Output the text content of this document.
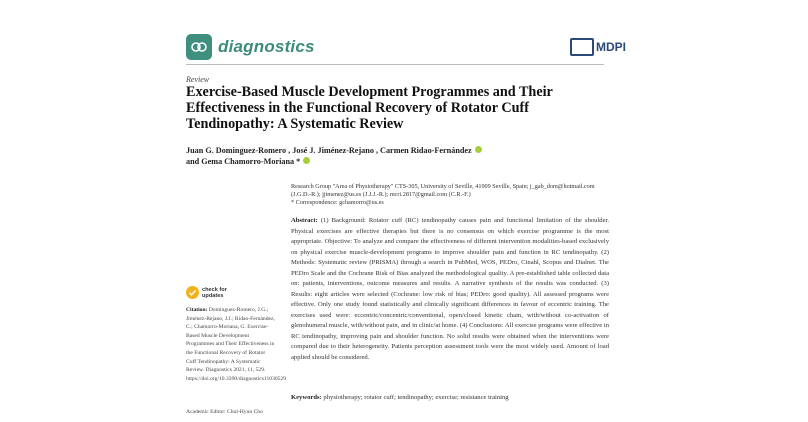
diagnostics	MDPI
Review
Exercise-Based Muscle Development Programmes and Their Effectiveness in the Functional Recovery of Rotator Cuff Tendinopathy: A Systematic Review
Juan G. Dominguez-Romero , José J. Jiménez-Rejano , Carmen Ridao-Fernández
and Gema Chamorro-Moriana *
Research Group "Area of Physiotherapy" CTS-305, University of Seville, 41009 Seville, Spain; j_gab_dom@hotmail.com (J.G.D.-R.); jjimenez@us.es (J.J.J.-R.); mcri.2817@gmail.com (C.R.-F.)
* Correspondence: gchamorro@us.es
Abstract: (1) Background: Rotator cuff (RC) tendinopathy causes pain and functional limitation of the shoulder. Physical exercises are effective therapies but there is no consensus on which exercise programme is the most appropriate. Objective: To analyze and compare the effectiveness of different intervention modalities-based exclusively on physical exercise muscle-development programs to improve shoulder pain and function in RC tendinopathy. (2) Methods: Systematic review (PRISMA) through a search in PubMed, WOS, PEDro, Cinahl, Scopus and Dialnet. The PEDro Scale and the Cochrane Risk of Bias analyzed the methodological quality. A pre-established table collected data on: patients, interventions, outcome measures and results. A narrative synthesis of the results was conducted. (3) Results: eight articles were selected (Cochrane: low risk of bias; PEDro: good quality). All assessed programs were effective. Only one study found statistically and clinically significant differences in favour of eccentric training. The exercises used were: eccentric/concentric/conventional, open/closed kinetic chain, with/without co-activation of glenohumeral muscle, with/without pain, and in clinic/at home. (4) Conclusions: All exercise programs were effective in RC tendinopathy, improving pain and shoulder function. No solid results were obtained when the interventions were compared due to their heterogeneity. Patients perception assessment tools were the most widely used. Amount of load applied should be considered.
Keywords: physiotherapy; rotator cuff; tendinopathy; exercise; resistance training
check for
updates
Citation: Dominguez-Romero, J.G.; Jiménez-Rejano, J.J.; Ridao-Fernández, C.; Chamorro-Moriana, G. Exercise-Based Muscle Development Programmes and Their Effectiveness in the Functional Recovery of Rotator Cuff Tendinopathy: A Systematic Review. Diagnostics 2021, 11, 529. https://doi.org/10.3390/diagnostics11030529
Academic Editor: Chul-Hyun Cho
